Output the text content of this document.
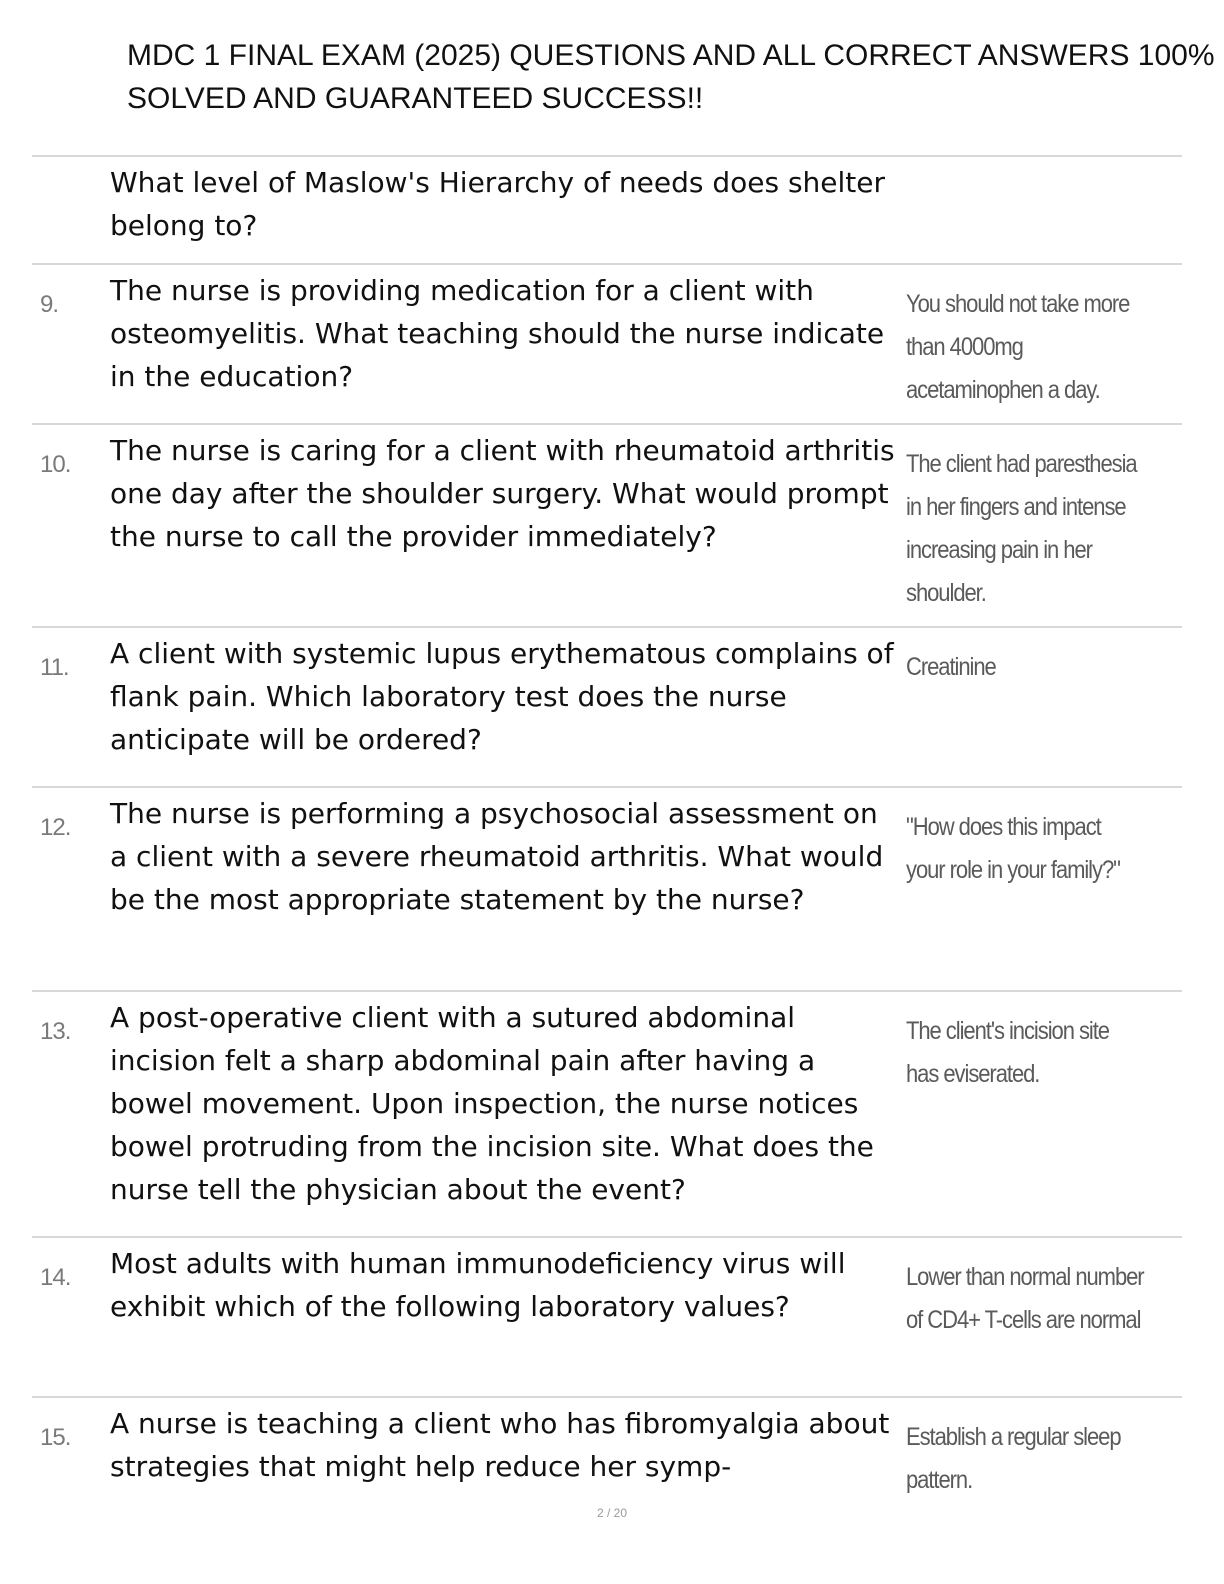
MDC 1 FINAL EXAM (2025) QUESTIONS AND ALL CORRECT ANSWERS 100%
SOLVED AND GUARANTEED SUCCESS!!
What level of Maslow's Hierarchy of needs does shelter belong to?
9. The nurse is providing medication for a client with osteomyelitis. What teaching should the nurse indicate in the education?
You should not take more than 4000mg acetaminophen a day.
10. The nurse is caring for a client with rheumatoid arthritis one day after the shoulder surgery. What would prompt the nurse to call the provider immediately?
The client had paresthesia in her fingers and intense increasing pain in her shoulder.
11. A client with systemic lupus erythematous complains of flank pain. Which laboratory test does the nurse anticipate will be ordered?
Creatinine
12. The nurse is performing a psychosocial assessment on a client with a severe rheumatoid arthritis. What would be the most appropriate statement by the nurse?
"How does this impact your role in your family?"
13. A post-operative client with a sutured abdominal incision felt a sharp abdominal pain after having a bowel movement. Upon inspection, the nurse notices bowel protruding from the incision site. What does the nurse tell the physician about the event?
The client's incision site has eviserated.
14. Most adults with human immunodeficiency virus will exhibit which of the following laboratory values?
Lower than normal number of CD4+ T-cells are normal
15. A nurse is teaching a client who has fibromyalgia about strategies that might help reduce her symp-
Establish a regular sleep pattern.
2 / 20
